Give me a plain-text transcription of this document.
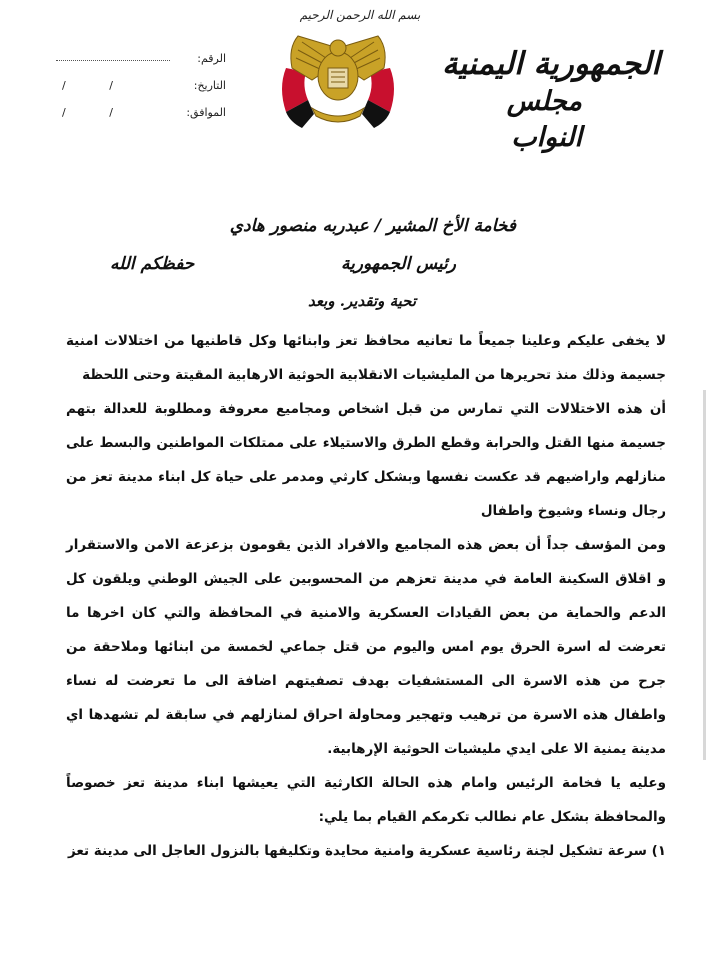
الجمهورية اليمنية
مجلس النواب
بسم الله الرحمن الرحيم
الرقم:
التاريخ:
/ /
الموافق:
/ /
فخامة الأخ المشير / عبدربه منصور هادي
رئيس الجمهورية
حفظكم الله
تحية وتقدير. وبعد

لا يخفى عليكم وعلينا جميعاً ما تعانيه محافظ تعز وابنائها وكل قاطنيها من اختلالات امنية جسيمة وذلك منذ تحريرها من المليشيات الانقلابية الحوثية الارهابية المقيتة وحتى اللحظة

أن هذه الاختلالات التي تمارس من قبل اشخاص ومجاميع معروفة ومطلوبة للعدالة بتهم جسيمة منها القتل والحرابة وقطع الطرق والاستيلاء على ممتلكات المواطنين والبسط على منازلهم واراضيهم قد عكست نفسها وبشكل كارثي ومدمر على حياة كل ابناء مدينة تعز من رجال ونساء وشيوخ واطفال

ومن المؤسف جداً أن بعض هذه المجاميع والافراد الذين يقومون بزعزعة الامن والاستقرار و اقلاق السكينة العامة في مدينة تعزهم من المحسوبين على الجيش الوطني ويلقون كل الدعم والحماية من بعض القيادات العسكرية والامنية في المحافظة والتي كان اخرها ما تعرضت له اسرة الحرق يوم امس واليوم من قتل جماعي لخمسة من ابنائها وملاحقة من جرح من هذه الاسرة الى المستشفيات بهدف تصفيتهم اضافة الى ما تعرضت له نساء واطفال هذه الاسرة من ترهيب وتهجير ومحاولة احراق لمنازلهم في سابقة لم تشهدها اي مدينة يمنية الا على ايدي مليشيات الحوثية الإرهابية.

وعليه يا فخامة الرئيس وامام هذه الحالة الكارثية التي يعيشها ابناء مدينة تعز خصوصاً والمحافظة بشكل عام نطالب تكرمكم القيام بما يلي:

١) سرعة تشكيل لجنة رئاسية عسكرية وامنية محايدة وتكليفها بالنزول العاجل الى مدينة تعز
